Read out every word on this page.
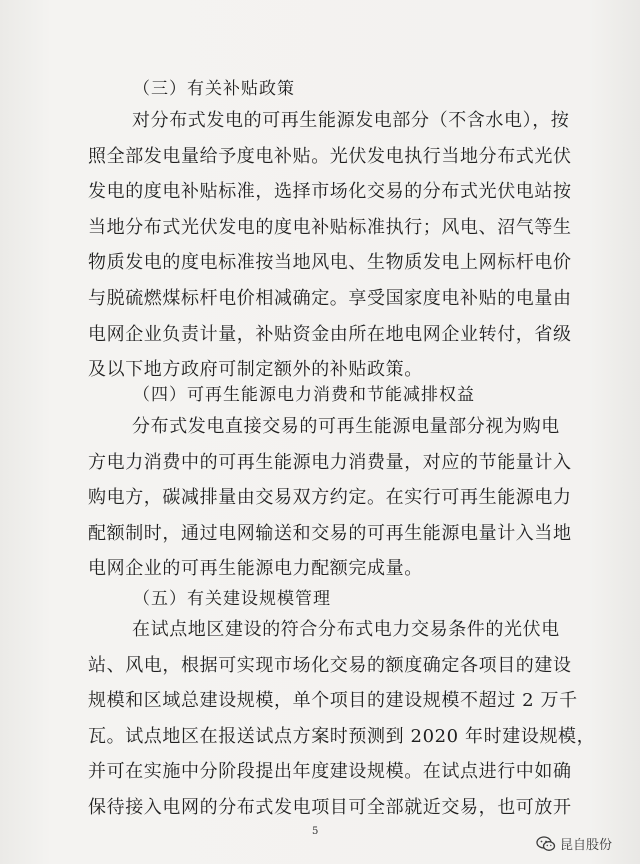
（三）有关补贴政策
对分布式发电的可再生能源发电部分（不含水电），按
照全部发电量给予度电补贴。光伏发电执行当地分布式光伏
发电的度电补贴标准，选择市场化交易的分布式光伏电站按
当地分布式光伏发电的度电补贴标准执行；风电、沼气等生
物质发电的度电标准按当地风电、生物质发电上网标杆电价
与脱硫燃煤标杆电价相减确定。享受国家度电补贴的电量由
电网企业负责计量，补贴资金由所在地电网企业转付，省级
及以下地方政府可制定额外的补贴政策。
（四）可再生能源电力消费和节能减排权益
分布式发电直接交易的可再生能源电量部分视为购电
方电力消费中的可再生能源电力消费量，对应的节能量计入
购电方，碳减排量由交易双方约定。在实行可再生能源电力
配额制时，通过电网输送和交易的可再生能源电量计入当地
电网企业的可再生能源电力配额完成量。
（五）有关建设规模管理
在试点地区建设的符合分布式电力交易条件的光伏电
站、风电，根据可实现市场化交易的额度确定各项目的建设
规模和区域总建设规模，单个项目的建设规模不超过 2 万千
瓦。试点地区在报送试点方案时预测到 2020 年时建设规模，
并可在实施中分阶段提出年度建设规模。在试点进行中如确
保待接入电网的分布式发电项目可全部就近交易，也可放开
5
昆自股份
